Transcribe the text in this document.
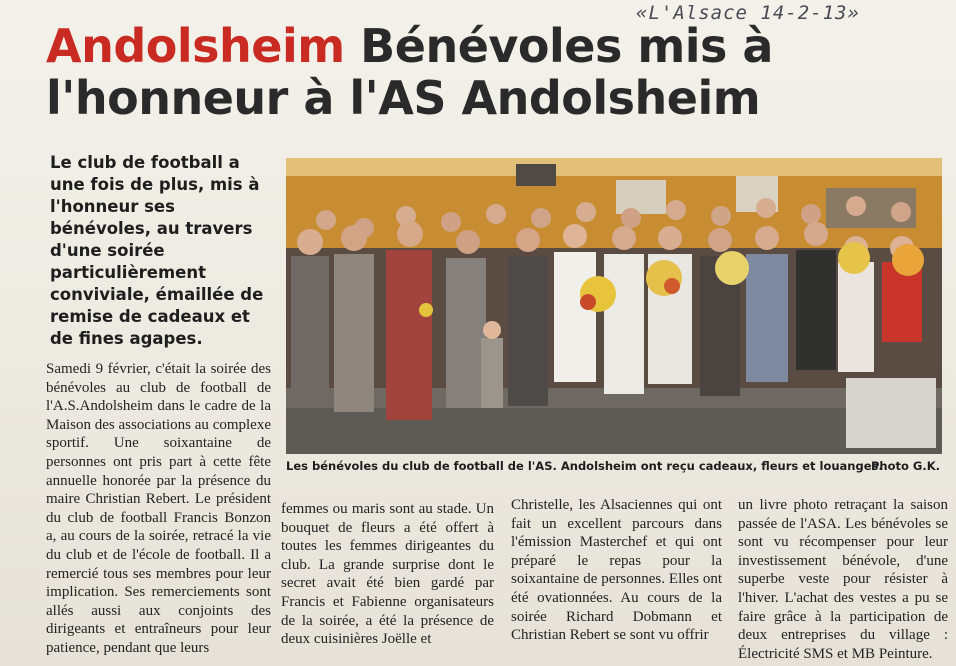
«L'Alsace 14-2-13»
Andolsheim Bénévoles mis à
l'honneur à l'AS Andolsheim
Le club de football a une fois de plus, mis à l'honneur ses bénévoles, au travers d'une soirée particulièrement conviviale, émaillée de remise de cadeaux et de fines agapes.
Les bénévoles du club de football de l'AS. Andolsheim ont reçu cadeaux, fleurs et louanges.
Photo G.K.
Samedi 9 février, c'était la soirée des bénévoles au club de football de l'A.S.Andolsheim dans le cadre de la Maison des associations au complexe sportif. Une soixantaine de personnes ont pris part à cette fête annuelle honorée par la présence du maire Christian Rebert. Le président du club de football Francis Bonzon a, au cours de la soirée, retracé la vie du club et de l'école de football. Il a remercié tous ses membres pour leur implication. Ses remerciements sont allés aussi aux conjoints des dirigeants et entraîneurs pour leur patience, pendant que leurs
femmes ou maris sont au stade. Un bouquet de fleurs a été offert à toutes les femmes dirigeantes du club. La grande surprise dont le secret avait été bien gardé par Francis et Fabienne organisateurs de la soirée, a été la présence de deux cuisinières Joëlle et
Christelle, les Alsaciennes qui ont fait un excellent parcours dans l'émission Masterchef et qui ont préparé le repas pour la soixantaine de personnes. Elles ont été ovationnées. Au cours de la soirée Richard Dobmann et Christian Rebert se sont vu offrir
un livre photo retraçant la saison passée de l'ASA. Les bénévoles se sont vu récompenser pour leur investissement bénévole, d'une superbe veste pour résister à l'hiver. L'achat des vestes a pu se faire grâce à la participation de deux entreprises du village : Électricité SMS et MB Peinture.
